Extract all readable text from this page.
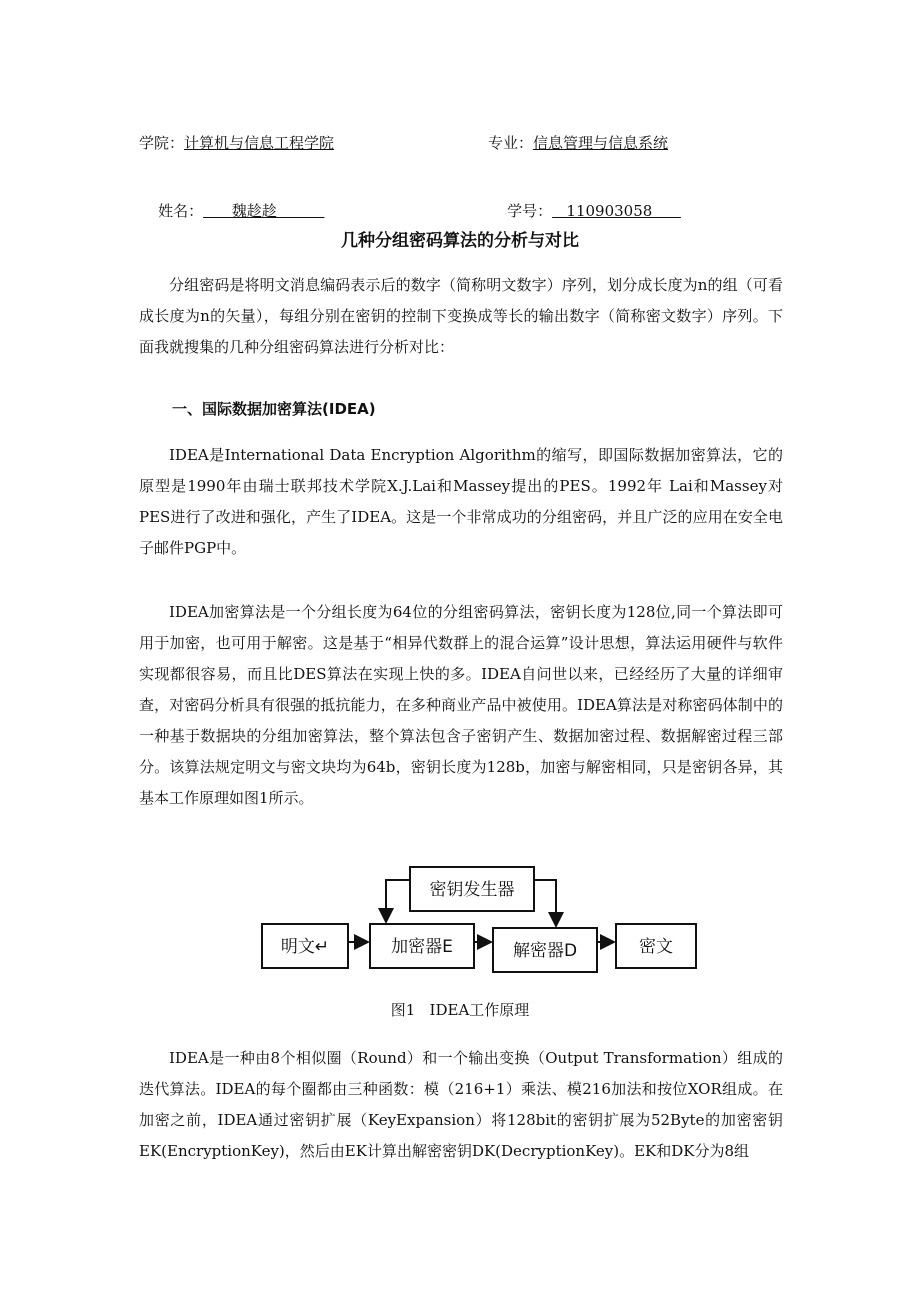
学院：计算机与信息工程学院	专业：信息管理与信息系统

姓名：      魏趁趁
	学号：   110903058

几种分组密码算法的分析与对比

分组密码是将明文消息编码表示后的数字（简称明文数字）序列，划分成长度为n的组（可看成长度为n的矢量），每组分别在密钥的控制下变换成等长的输出数字（简称密文数字）序列。下面我就搜集的几种分组密码算法进行分析对比：

一、国际数据加密算法(IDEA)

IDEA是International Data Encryption Algorithm的缩写，即国际数据加密算法，它的原型是1990年由瑞士联邦技术学院X.J.Lai和Massey提出的PES。1992年 Lai和Massey对PES进行了改进和强化，产生了IDEA。这是一个非常成功的分组密码，并且广泛的应用在安全电子邮件PGP中。

IDEA加密算法是一个分组长度为64位的分组密码算法，密钥长度为128位,同一个算法即可用于加密，也可用于解密。这是基于“相异代数群上的混合运算”设计思想，算法运用硬件与软件实现都很容易，而且比DES算法在实现上快的多。IDEA自问世以来，已经经历了大量的详细审查，对密码分析具有很强的抵抗能力，在多种商业产品中被使用。IDEA算法是对称密码体制中的一种基于数据块的分组加密算法，整个算法包含子密钥产生、数据加密过程、数据解密过程三部分。该算法规定明文与密文块均为64b，密钥长度为128b，加密与解密相同，只是密钥各异，其基本工作原理如图1所示。

密钥发生器
明文↵	加密器E	解密器D	密文
图1   IDEA工作原理

IDEA是一种由8个相似圈（Round）和一个输出变换（Output Transformation）组成的迭代算法。IDEA的每个圈都由三种函数：模（216+1）乘法、模216加法和按位XOR组成。在加密之前，IDEA通过密钥扩展（KeyExpansion）将128bit的密钥扩展为52Byte的加密密钥EK(EncryptionKey)，然后由EK计算出解密密钥DK(DecryptionKey)。EK和DK分为8组
